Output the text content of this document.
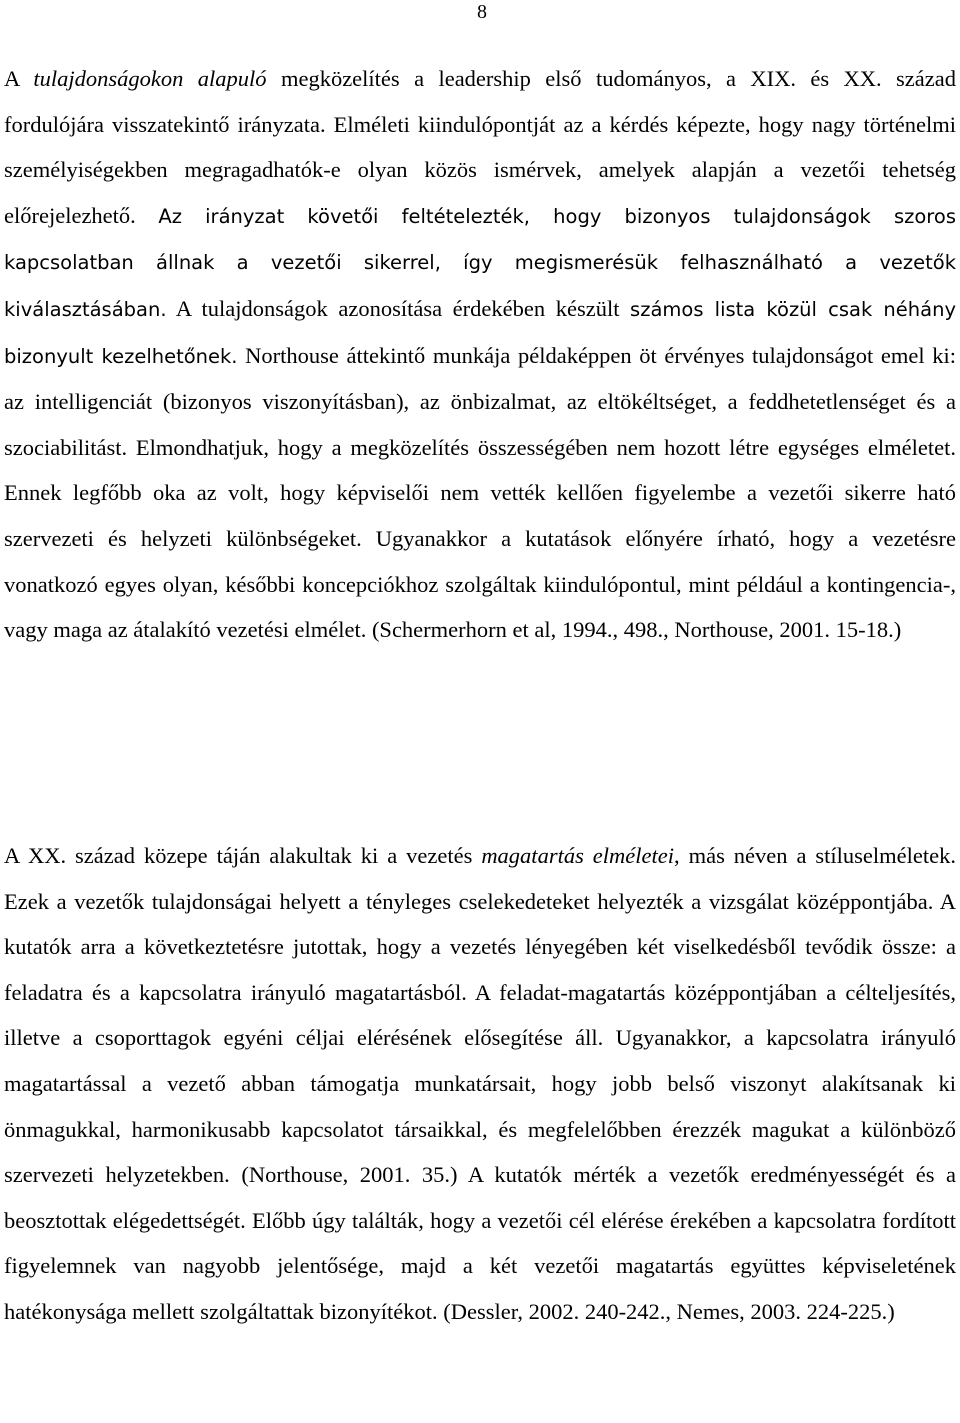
8

A tulajdonságokon alapuló megközelítés a leadership első tudományos, a XIX. és XX. század fordulójára visszatekintő irányzata. Elméleti kiindulópontját az a kérdés képezte, hogy nagy történelmi személyiségekben megragadhatók-e olyan közös ismérvek, amelyek alapján a vezetői tehetség előrejelezhető. Az irányzat követői feltételezték, hogy bizonyos tulajdonságok szoros kapcsolatban állnak a vezetői sikerrel, így megismerésük felhasználható a vezetők kiválasztásában. A tulajdonságok azonosítása érdekében készült számos lista közül csak néhány bizonyult kezelhetőnek. Northouse áttekintő munkája példaképpen öt érvényes tulajdonságot emel ki: az intelligenciát (bizonyos viszonyításban), az önbizalmat, az eltökéltséget, a feddhetetlenséget és a szociabilitást. Elmondhatjuk, hogy a megközelítés összességében nem hozott létre egységes elméletet. Ennek legfőbb oka az volt, hogy képviselői nem vették kellően figyelembe a vezetői sikerre ható szervezeti és helyzeti különbségeket. Ugyanakkor a kutatások előnyére írható, hogy a vezetésre vonatkozó egyes olyan, későbbi koncepciókhoz szolgáltak kiindulópontul, mint például a kontingencia-, vagy maga az átalakító vezetési elmélet. (Schermerhorn et al, 1994., 498., Northouse, 2001. 15-18.)

A XX. század közepe táján alakultak ki a vezetés magatartás elméletei, más néven a stíluselméletek. Ezek a vezetők tulajdonságai helyett a tényleges cselekedeteket helyezték a vizsgálat középpontjába. A kutatók arra a következtetésre jutottak, hogy a vezetés lényegében két viselkedésből tevődik össze: a feladatra és a kapcsolatra irányuló magatartásból. A feladat-magatartás középpontjában a célteljesítés, illetve a csoporttagok egyéni céljai elérésének elősegítése áll. Ugyanakkor, a kapcsolatra irányuló magatartással a vezető abban támogatja munkatársait, hogy jobb belső viszonyt alakítsanak ki önmagukkal, harmonikusabb kapcsolatot társaikkal, és megfelelőbben érezzék magukat a különböző szervezeti helyzetekben. (Northouse, 2001. 35.) A kutatók mérték a vezetők eredményességét és a beosztottak elégedettségét. Előbb úgy találták, hogy a vezetői cél elérése érekében a kapcsolatra fordított figyelemnek van nagyobb jelentősége, majd a két vezetői magatartás együttes képviseletének hatékonysága mellett szolgáltattak bizonyítékot. (Dessler, 2002. 240-242., Nemes, 2003. 224-225.)
